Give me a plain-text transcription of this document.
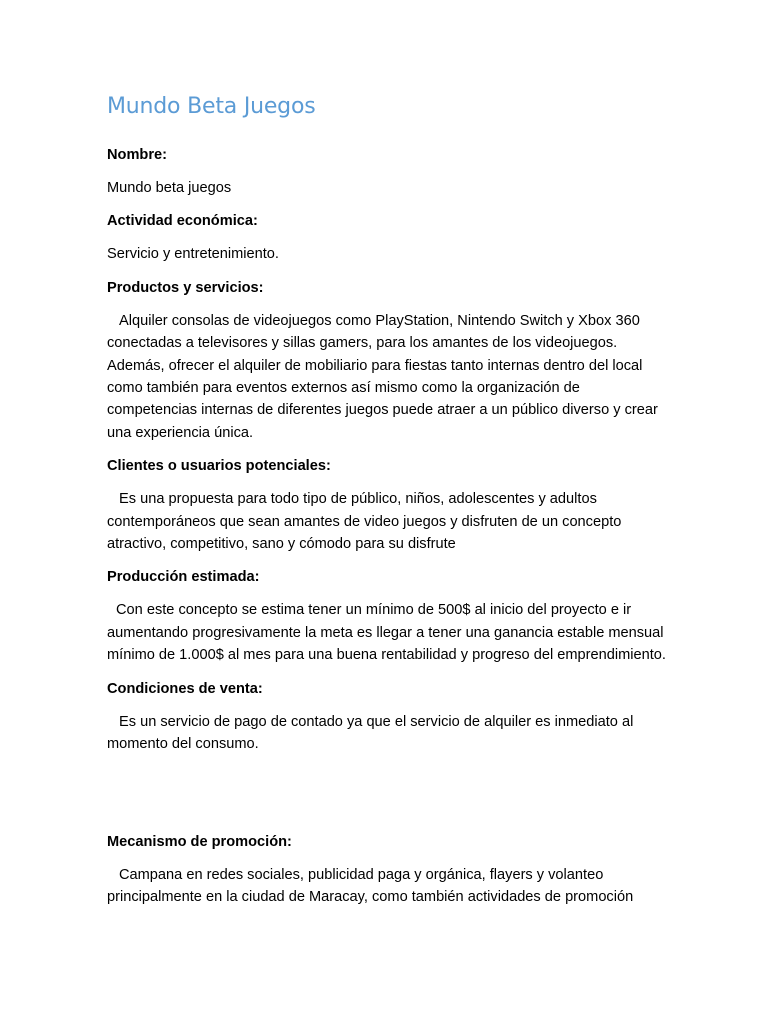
Mundo Beta Juegos
Nombre:
Mundo beta juegos
Actividad económica:
Servicio y entretenimiento.
Productos y servicios:
Alquiler consolas de videojuegos como PlayStation, Nintendo Switch y Xbox 360 conectadas a televisores y sillas gamers, para los amantes de los videojuegos. Además, ofrecer el alquiler de mobiliario para fiestas tanto internas dentro del local como también para eventos externos así mismo como la organización de competencias internas de diferentes juegos puede atraer a un público diverso y crear una experiencia única.
Clientes o usuarios potenciales:
Es una propuesta para todo tipo de público, niños, adolescentes y adultos contemporáneos que sean amantes de video juegos y disfruten de un concepto atractivo, competitivo, sano y cómodo para su disfrute
Producción estimada:
Con este concepto se estima tener un mínimo de 500$ al inicio del proyecto e ir aumentando progresivamente la meta es llegar a tener una ganancia estable mensual mínimo de 1.000$ al mes para una buena rentabilidad y progreso del emprendimiento.
Condiciones de venta:
Es un servicio de pago de contado ya que el servicio de alquiler es inmediato al momento del consumo.
Mecanismo de promoción:
Campana en redes sociales, publicidad paga y orgánica, flayers y volanteo principalmente en la ciudad de Maracay, como también actividades de promoción
